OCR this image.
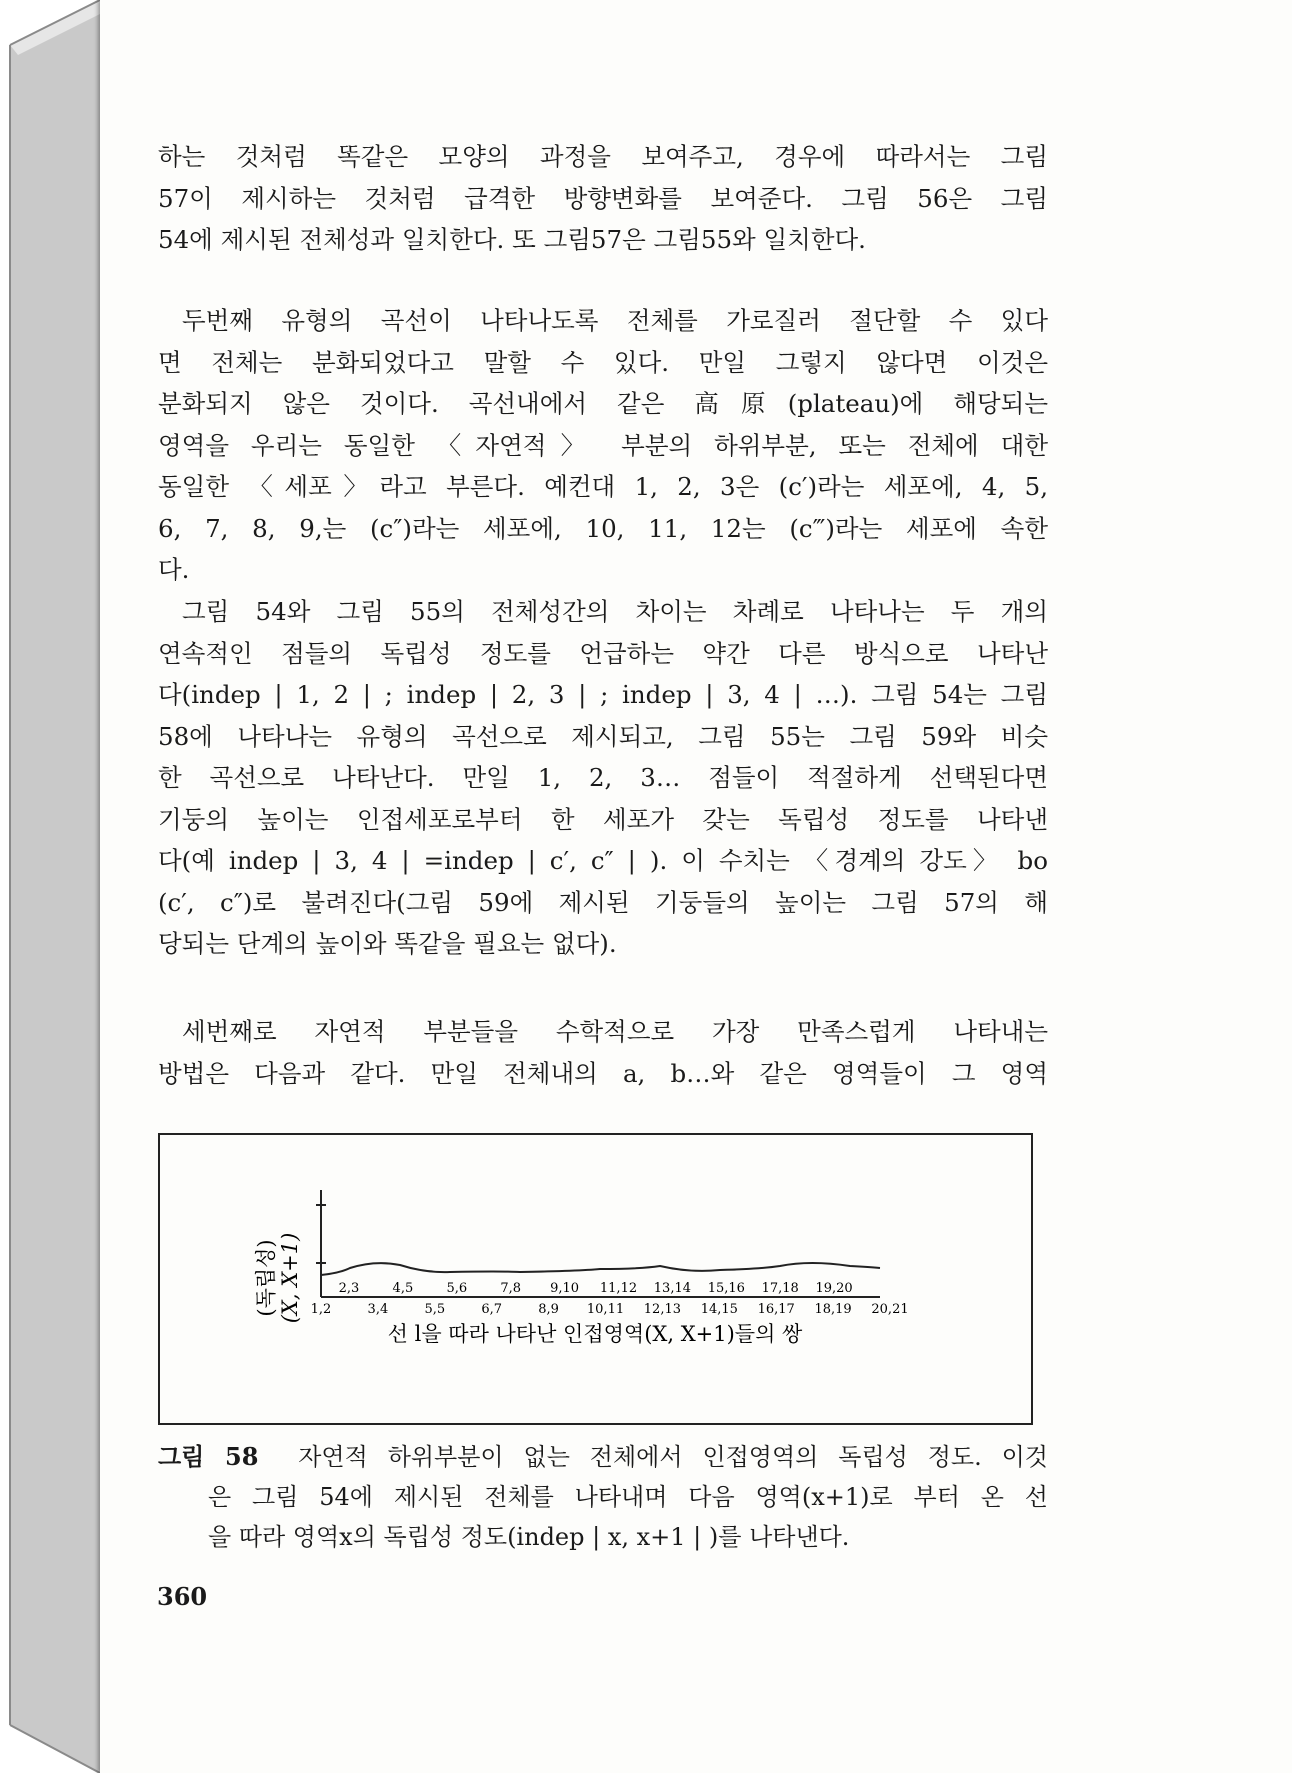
하는 것처럼 똑같은 모양의 과정을 보여주고, 경우에 따라서는 그림
57이 제시하는 것처럼 급격한 방향변화를 보여준다. 그림 56은 그림
54에 제시된 전체성과 일치한다. 또 그림57은 그림55와 일치한다.
두번째 유형의 곡선이 나타나도록 전체를 가로질러 절단할 수 있다
면 전체는 분화되었다고 말할 수 있다. 만일 그렇지 않다면 이것은
분화되지 않은 것이다. 곡선내에서 같은 高原(plateau)에 해당되는
영역을 우리는 동일한 〈자연적〉 부분의 하위부분, 또는 전체에 대한
동일한 〈세포〉라고 부른다. 예컨대 1, 2, 3은 (c′)라는 세포에, 4, 5,
6, 7, 8, 9,는 (c″)라는 세포에, 10, 11, 12는 (c‴)라는 세포에 속한
다.
그림 54와 그림 55의 전체성간의 차이는 차례로 나타나는 두 개의
연속적인 점들의 독립성 정도를 언급하는 약간 다른 방식으로 나타난
다(indep | 1, 2 | ; indep | 2, 3 | ; indep | 3, 4 | …). 그림 54는 그림
58에 나타나는 유형의 곡선으로 제시되고, 그림 55는 그림 59와 비슷
한 곡선으로 나타난다. 만일 1, 2, 3… 점들이 적절하게 선택된다면
기둥의 높이는 인접세포로부터 한 세포가 갖는 독립성 정도를 나타낸
다(예 indep | 3, 4 | =indep | c′, c″ | ). 이 수치는 〈경계의 강도〉 bo
(c′, c″)로 불려진다(그림 59에 제시된 기둥들의 높이는 그림 57의 해
당되는 단계의 높이와 똑같을 필요는 없다).
세번째로 자연적 부분들을 수학적으로 가장 만족스럽게 나타내는
방법은 다음과 같다. 만일 전체내의 a, b…와 같은 영역들이 그 영역
(독립성) (X, X+1)	2,3	4,5	5,6	7,8 9,10 11,12 13,14 15,16 17,18 19,20
1,2	3,4	5,5	6,7	8,9 10,11 12,13 14,15 16,17 18,19 20,21
선 l을 따라 나타난 인접영역(X, X+1)들의 쌍
그림 58 자연적 하위부분이 없는 전체에서 인접영역의 독립성 정도. 이것
은 그림 54에 제시된 전체를 나타내며 다음 영역(x+1)로 부터 온 선
을 따라 영역x의 독립성 정도(indep | x, x+1 | )를 나타낸다.
360
